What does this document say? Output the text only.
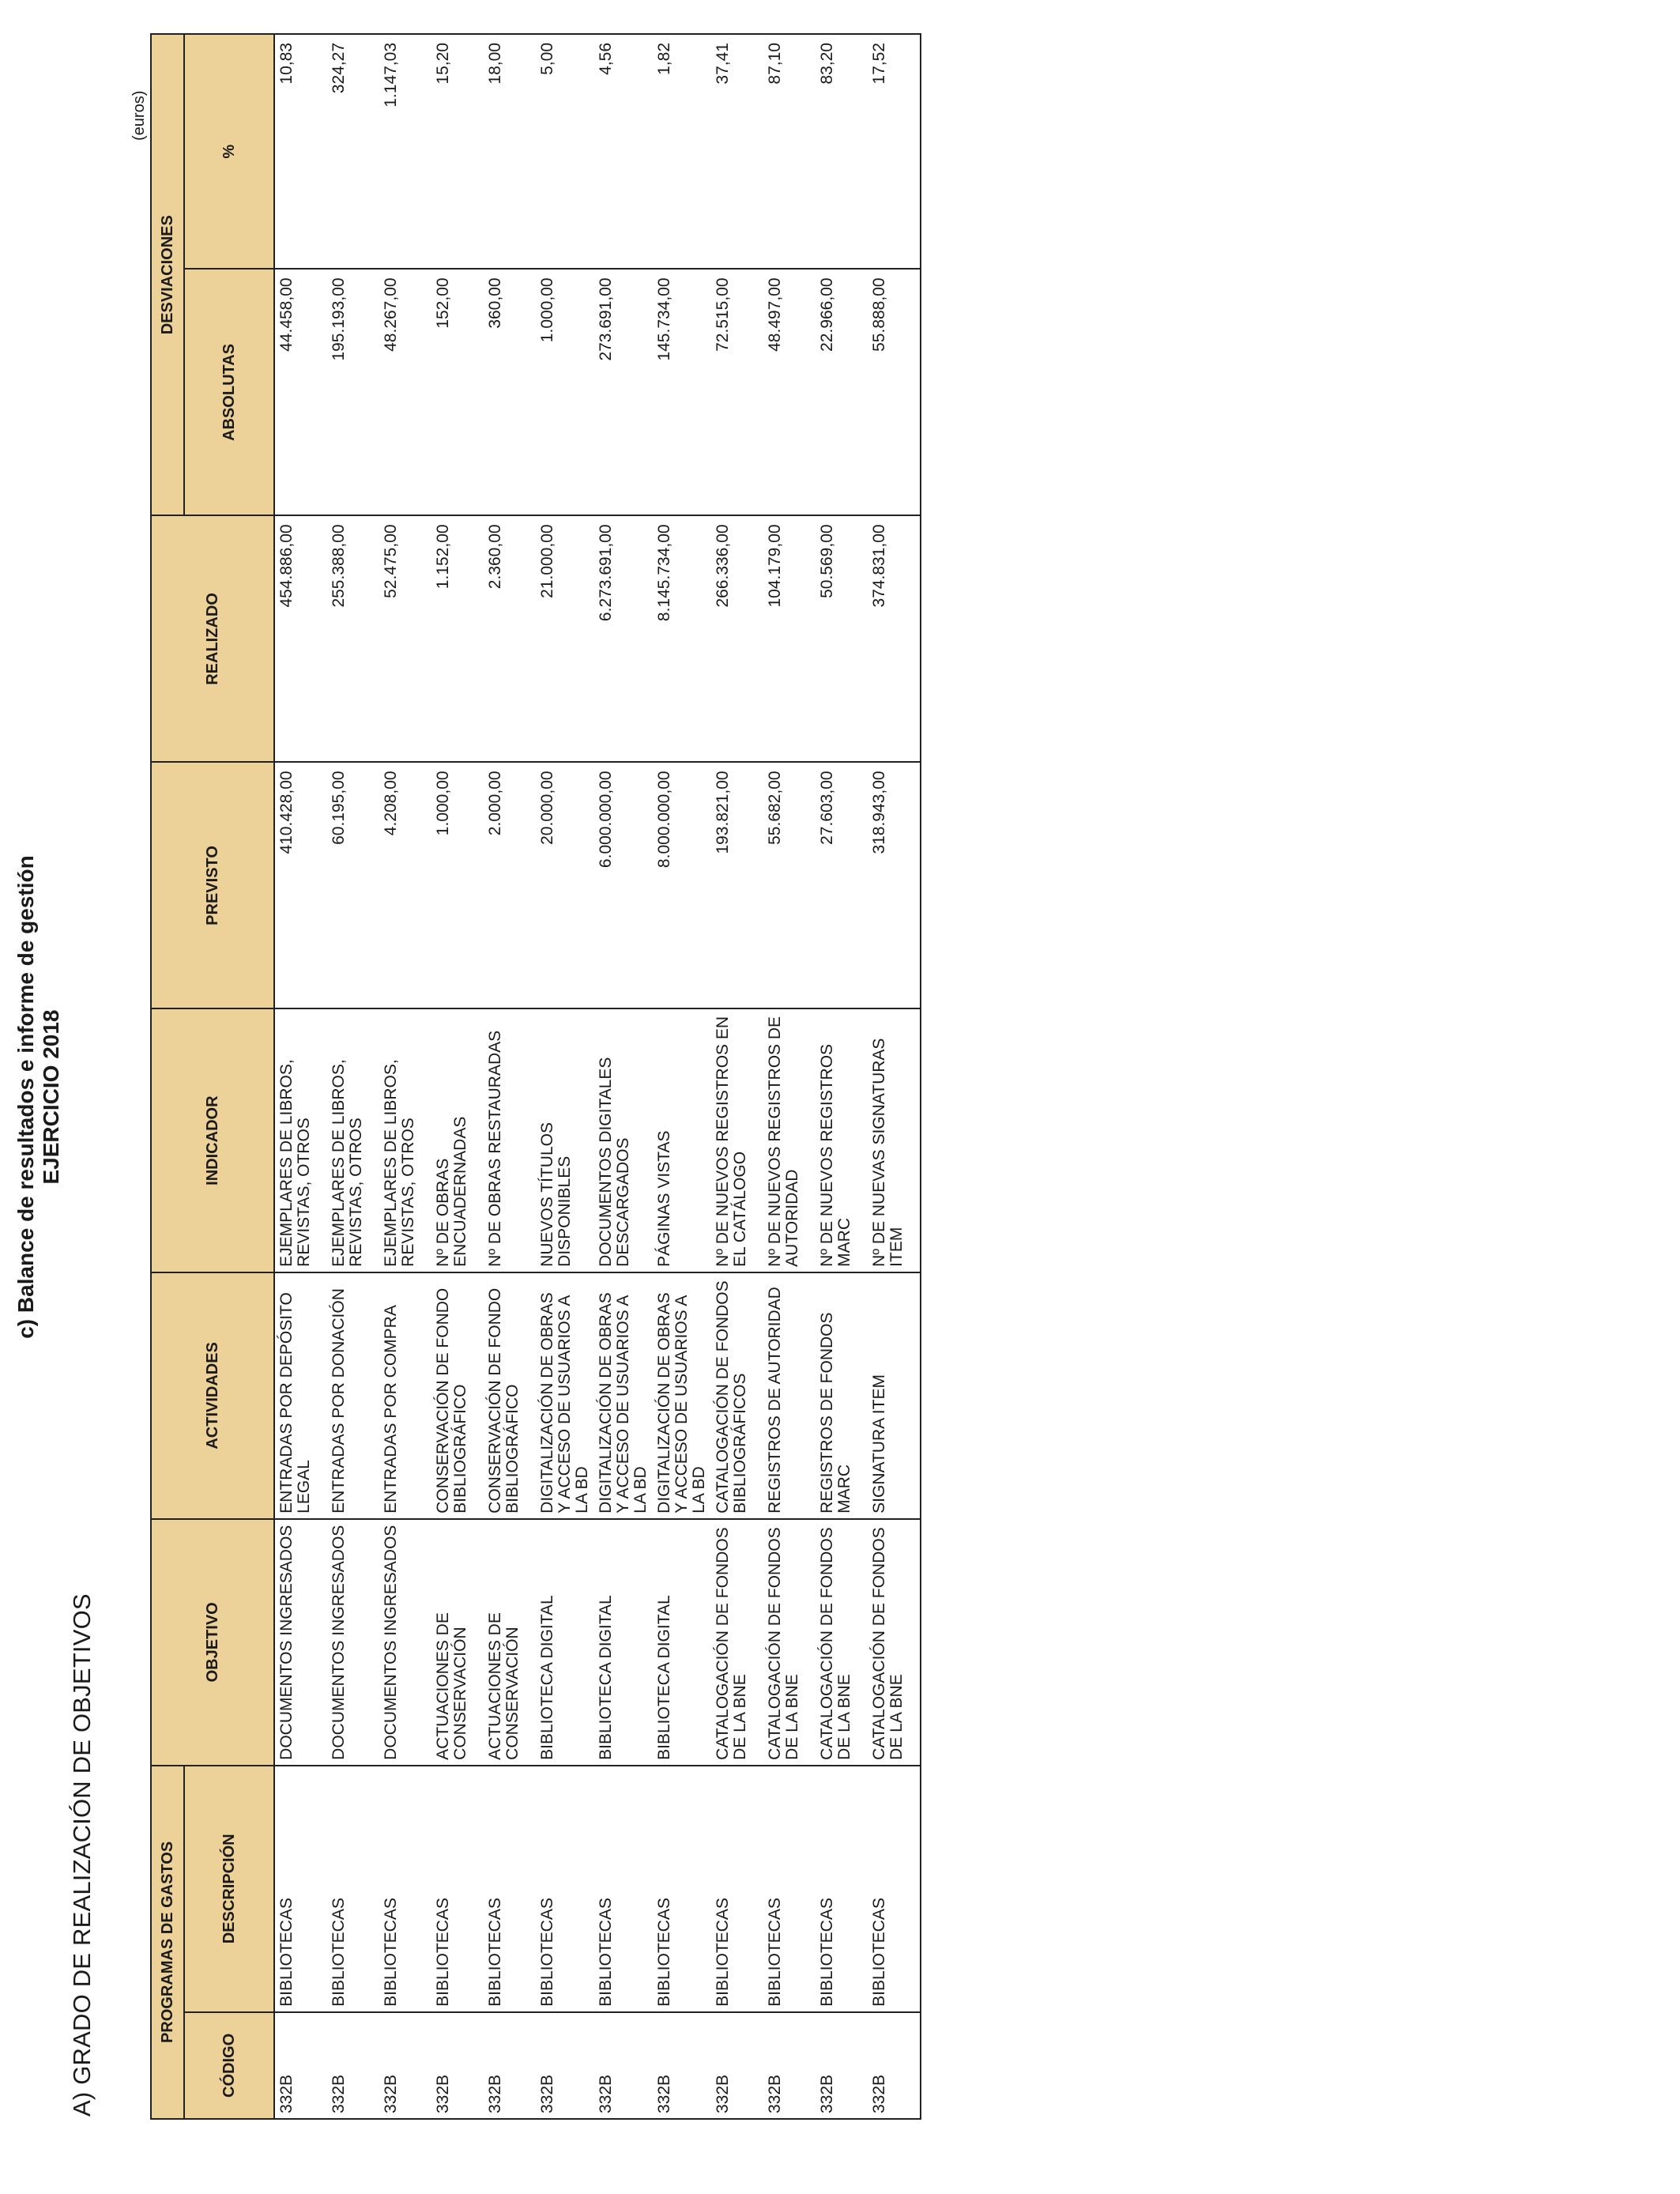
c) Balance de resultados e informe de gestión EJERCICIO 2018
A) GRADO DE REALIZACIÓN DE OBJETIVOS
(euros)
PROGRAMAS DE GASTOS		OBJETIVO	ACTIVIDADES	INDICADOR	PREVISTO	REALIZADO	DESVIACIONES	
CÓDIGO	DESCRIPCIÓN						ABSOLUTAS	%
332B	BIBLIOTECAS	DOCUMENTOS INGRESADOS	ENTRADAS POR DEPÓSITO LEGAL	EJEMPLARES DE LIBROS, REVISTAS, OTROS	410.428,00	454.886,00	44.458,00	10,83
332B	BIBLIOTECAS	DOCUMENTOS INGRESADOS	ENTRADAS POR DONACIÓN	EJEMPLARES DE LIBROS, REVISTAS, OTROS	60.195,00	255.388,00	195.193,00	324,27
332B	BIBLIOTECAS	DOCUMENTOS INGRESADOS	ENTRADAS POR COMPRA	EJEMPLARES DE LIBROS, REVISTAS, OTROS	4.208,00	52.475,00	48.267,00	1.147,03
332B	BIBLIOTECAS	ACTUACIONES DE CONSERVACIÓN	CONSERVACIÓN DE FONDO BIBLIOGRÁFICO	Nº DE OBRAS ENCUADERNADAS	1.000,00	1.152,00	152,00	15,20
332B	BIBLIOTECAS	ACTUACIONES DE CONSERVACIÓN	CONSERVACIÓN DE FONDO BIBLIOGRÁFICO	Nº DE OBRAS RESTAURADAS	2.000,00	2.360,00	360,00	18,00
332B	BIBLIOTECAS	BIBLIOTECA DIGITAL	DIGITALIZACIÓN DE OBRAS Y ACCESO DE USUARIOS A LA BD	NUEVOS TÍTULOS DISPONIBLES	20.000,00	21.000,00	1.000,00	5,00
332B	BIBLIOTECAS	BIBLIOTECA DIGITAL	DIGITALIZACIÓN DE OBRAS Y ACCESO DE USUARIOS A LA BD	DOCUMENTOS DIGITALES DESCARGADOS	6.000.000,00	6.273.691,00	273.691,00	4,56
332B	BIBLIOTECAS	BIBLIOTECA DIGITAL	DIGITALIZACIÓN DE OBRAS Y ACCESO DE USUARIOS A LA BD	PÁGINAS VISTAS	8.000.000,00	8.145.734,00	145.734,00	1,82
332B	BIBLIOTECAS	CATALOGACIÓN DE FONDOS DE LA BNE	CATALOGACIÓN DE FONDOS BIBLIOGRÁFICOS	Nº DE NUEVOS REGISTROS EN EL CATÁLOGO	193.821,00	266.336,00	72.515,00	37,41
332B	BIBLIOTECAS	CATALOGACIÓN DE FONDOS DE LA BNE	REGISTROS DE AUTORIDAD	Nº DE NUEVOS REGISTROS DE AUTORIDAD	55.682,00	104.179,00	48.497,00	87,10
332B	BIBLIOTECAS	CATALOGACIÓN DE FONDOS DE LA BNE	REGISTROS DE FONDOS MARC	Nº DE NUEVOS REGISTROS MARC	27.603,00	50.569,00	22.966,00	83,20
332B	BIBLIOTECAS	CATALOGACIÓN DE FONDOS DE LA BNE	SIGNATURA ITEM	Nº DE NUEVAS SIGNATURAS ITEM	318.943,00	374.831,00	55.888,00	17,52
